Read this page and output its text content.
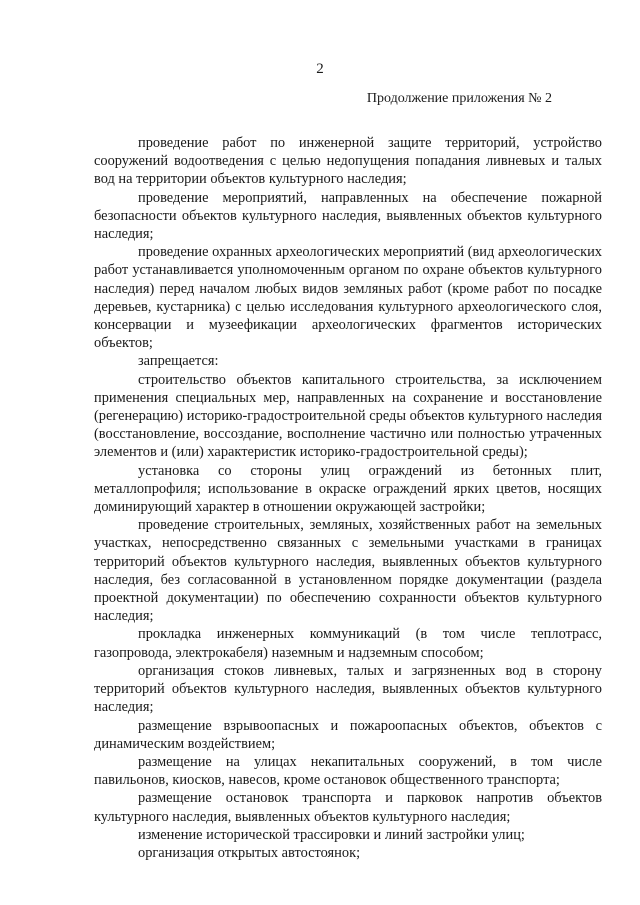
2
Продолжение приложения № 2

проведение работ по инженерной защите территорий, устройство сооружений водоотведения с целью недопущения попадания ливневых и талых вод на территории объектов культурного наследия;

проведение мероприятий, направленных на обеспечение пожарной безопасности объектов культурного наследия, выявленных объектов культурного наследия;

проведение охранных археологических мероприятий (вид археологических работ устанавливается уполномоченным органом по охране объектов культурного наследия) перед началом любых видов земляных работ (кроме работ по посадке деревьев, кустарника) с целью исследования культурного археологического слоя, консервации и музеефикации археологических фрагментов исторических объектов;

запрещается:

строительство объектов капитального строительства, за исключением применения специальных мер, направленных на сохранение и восстановление (регенерацию) историко-градостроительной среды объектов культурного наследия (восстановление, воссоздание, восполнение частично или полностью утраченных элементов и (или) характеристик историко-градостроительной среды);

установка со стороны улиц ограждений из бетонных плит, металлопрофиля; использование в окраске ограждений ярких цветов, носящих доминирующий характер в отношении окружающей застройки;

проведение строительных, земляных, хозяйственных работ на земельных участках, непосредственно связанных с земельными участками в границах территорий объектов культурного наследия, выявленных объектов культурного наследия, без согласованной в установленном порядке документации (раздела проектной документации) по обеспечению сохранности объектов культурного наследия;

прокладка инженерных коммуникаций (в том числе теплотрасс, газопровода, электрокабеля) наземным и надземным способом;

организация стоков ливневых, талых и загрязненных вод в сторону территорий объектов культурного наследия, выявленных объектов культурного наследия;

размещение взрывоопасных и пожароопасных объектов, объектов с динамическим воздействием;

размещение на улицах некапитальных сооружений, в том числе павильонов, киосков, навесов, кроме остановок общественного транспорта;

размещение остановок транспорта и парковок напротив объектов культурного наследия, выявленных объектов культурного наследия;

изменение исторической трассировки и линий застройки улиц;

организация открытых автостоянок;
